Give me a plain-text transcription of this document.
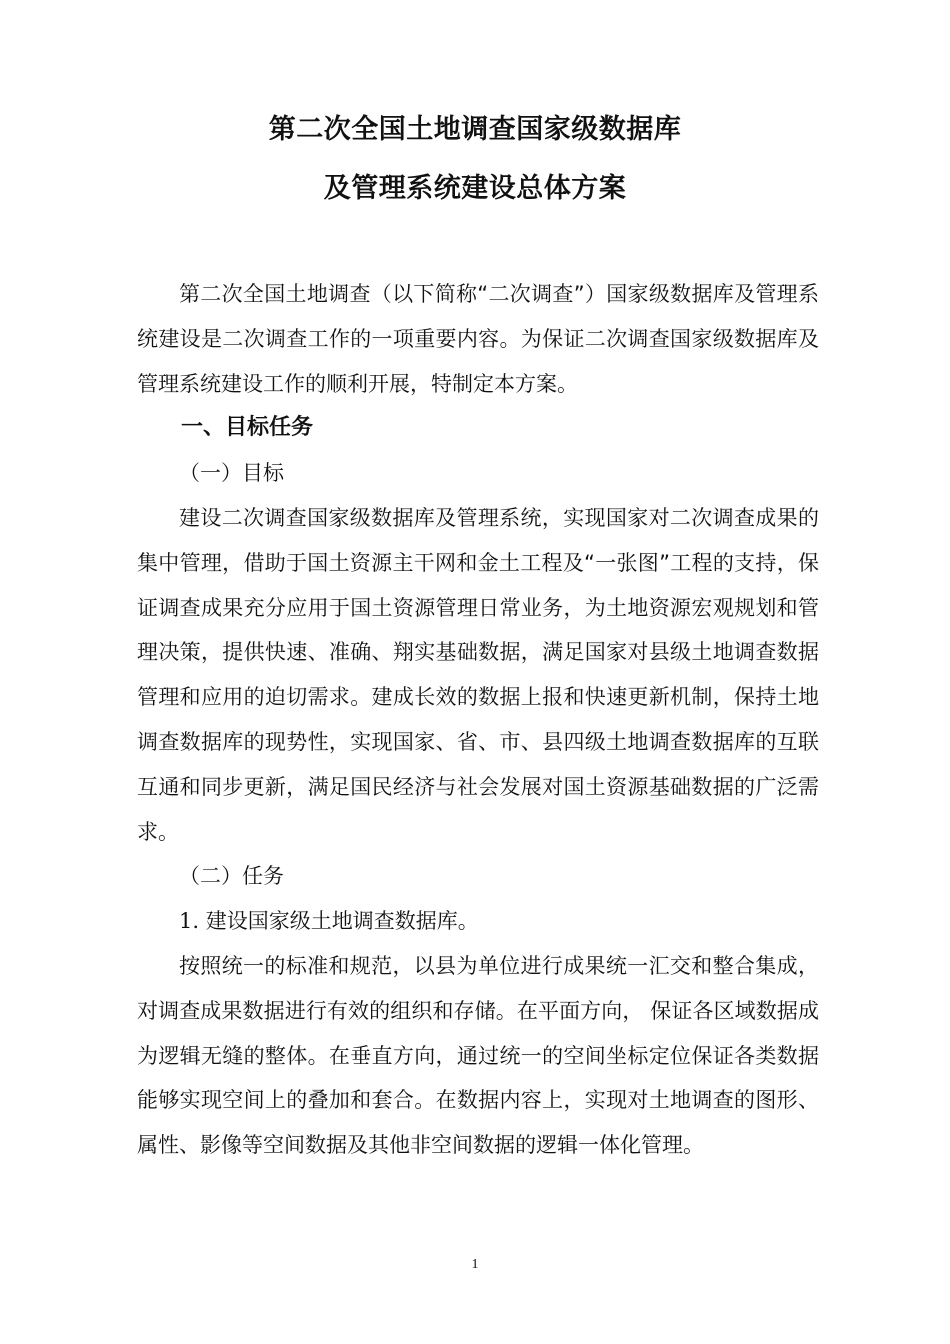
第二次全国土地调查国家级数据库
及管理系统建设总体方案

第二次全国土地调查（以下简称“二次调查”）国家级数据库及管理系统建设是二次调查工作的一项重要内容。为保证二次调查国家级数据库及管理系统建设工作的顺利开展，特制定本方案。

一、目标任务

（一）目标

建设二次调查国家级数据库及管理系统，实现国家对二次调查成果的集中管理，借助于国土资源主干网和金土工程及“一张图”工程的支持，保证调查成果充分应用于国土资源管理日常业务，为土地资源宏观规划和管理决策，提供快速、准确、翔实基础数据，满足国家对县级土地调查数据管理和应用的迫切需求。建成长效的数据上报和快速更新机制，保持土地调查数据库的现势性，实现国家、省、市、县四级土地调查数据库的互联互通和同步更新，满足国民经济与社会发展对国土资源基础数据的广泛需求。

（二）任务

1. 建设国家级土地调查数据库。

按照统一的标准和规范，以县为单位进行成果统一汇交和整合集成，对调查成果数据进行有效的组织和存储。在平面方向， 保证各区域数据成为逻辑无缝的整体。在垂直方向，通过统一的空间坐标定位保证各类数据能够实现空间上的叠加和套合。在数据内容上，实现对土地调查的图形、属性、影像等空间数据及其他非空间数据的逻辑一体化管理。

1
